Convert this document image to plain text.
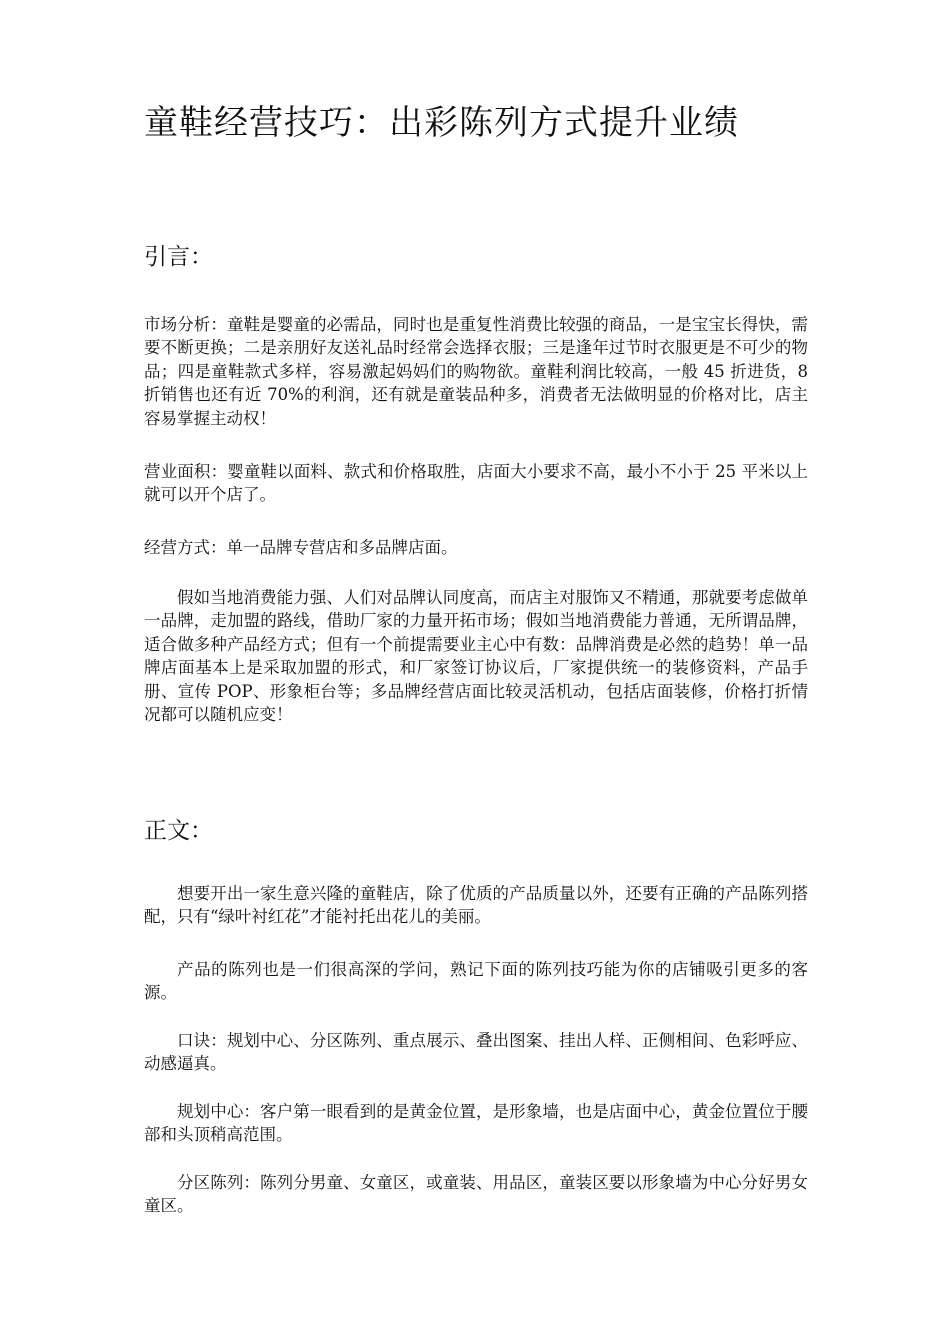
童鞋经营技巧：出彩陈列方式提升业绩
引言：

市场分析：童鞋是婴童的必需品，同时也是重复性消费比较强的商品，一是宝宝长得快，需要不断更换；二是亲朋好友送礼品时经常会选择衣服；三是逢年过节时衣服更是不可少的物品；四是童鞋款式多样，容易激起妈妈们的购物欲。童鞋利润比较高，一般 45 折进货，8 折销售也还有近 70%的利润，还有就是童装品种多，消费者无法做明显的价格对比，店主容易掌握主动权！

营业面积：婴童鞋以面料、款式和价格取胜，店面大小要求不高，最小不小于 25 平米以上就可以开个店了。

经营方式：单一品牌专营店和多品牌店面。

假如当地消费能力强、人们对品牌认同度高，而店主对服饰又不精通，那就要考虑做单一品牌，走加盟的路线，借助厂家的力量开拓市场；假如当地消费能力普通，无所谓品牌，适合做多种产品经方式；但有一个前提需要业主心中有数：品牌消费是必然的趋势！单一品牌店面基本上是采取加盟的形式，和厂家签订协议后，厂家提供统一的装修资料，产品手册、宣传 POP、形象柜台等；多品牌经营店面比较灵活机动，包括店面装修，价格打折情况都可以随机应变！

正文：

想要开出一家生意兴隆的童鞋店，除了优质的产品质量以外，还要有正确的产品陈列搭配，只有“绿叶衬红花”才能衬托出花儿的美丽。

产品的陈列也是一们很高深的学问，熟记下面的陈列技巧能为你的店铺吸引更多的客源。

口诀：规划中心、分区陈列、重点展示、叠出图案、挂出人样、正侧相间、色彩呼应、动感逼真。

规划中心：客户第一眼看到的是黄金位置，是形象墙，也是店面中心，黄金位置位于腰部和头顶稍高范围。

分区陈列：陈列分男童、女童区，或童装、用品区，童装区要以形象墙为中心分好男女童区。
